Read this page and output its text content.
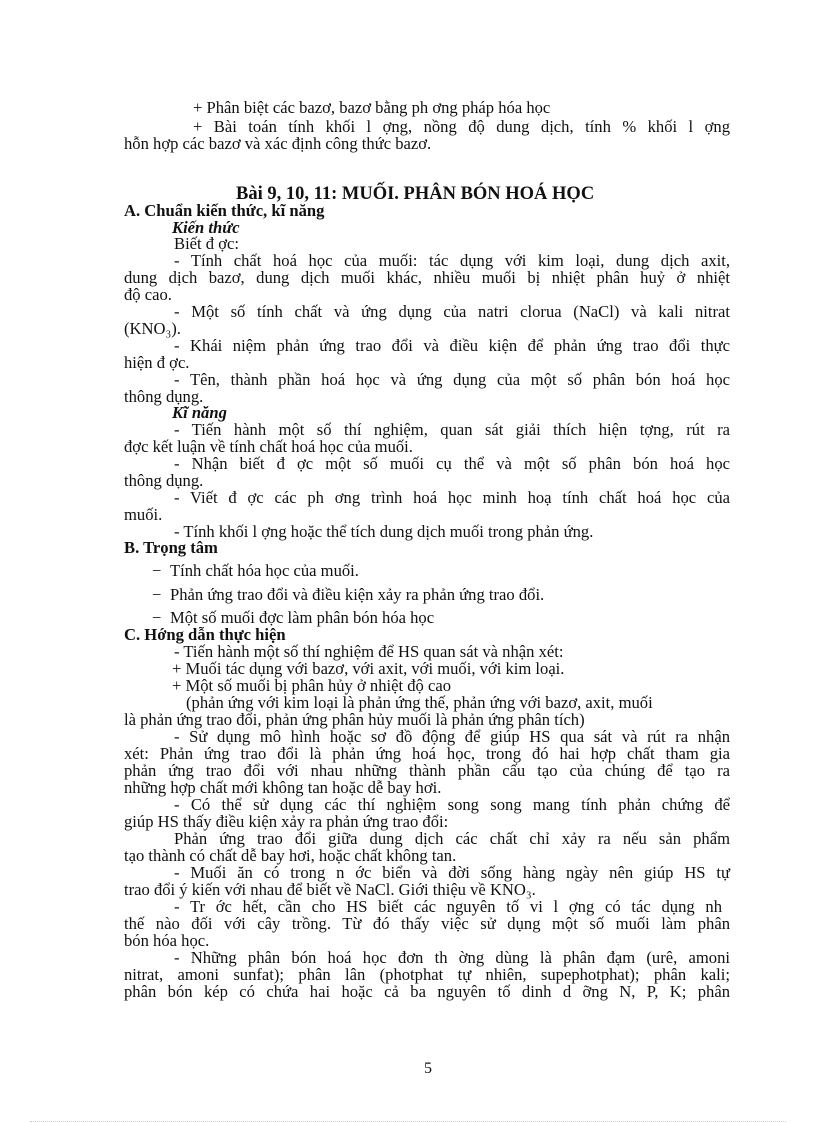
+ Phân biệt các bazơ, bazơ bằng ph ơng pháp hóa học

+ Bài toán tính khối l ợng, nồng độ dung dịch, tính % khối l ợng

hỗn hợp các bazơ và xác định công thức bazơ.

Bài 9, 10, 11: MUỐI. PHÂN BÓN HOÁ HỌC

A. Chuẩn kiến thức, kĩ năng

Kiến thức

Biết đ ợc:

- Tính chất hoá học của muối: tác dụng với kim loại, dung dịch axit,

dung dịch bazơ, dung dịch muối khác, nhiều muối bị nhiệt phân huỷ ở nhiệt

độ cao.

- Một số tính chất và ứng dụng của natri clorua (NaCl) và kali nitrat

(KNO₃).

- Khái niệm phản ứng trao đổi và điều kiện để phản ứng trao đổi thực

hiện đ ợc.

- Tên, thành phần hoá học và ứng dụng của một số phân bón hoá học

thông dụng.

Kĩ năng

- Tiến hành một số thí nghiệm, quan sát giải thích hiện tợng, rút ra

đợc kết luận về tính chất hoá học của muối.

- Nhận biết đ ợc một số muối cụ thể và một số phân bón hoá học

thông dụng.

- Viết đ ợc các ph ơng trình hoá học minh hoạ tính chất hoá học của

muối.

- Tính khối l ợng hoặc thể tích dung dịch muối trong phản ứng.

B. Trọng tâm

− Tính chất hóa học của muối.

− Phản ứng trao đổi và điều kiện xảy ra phản ứng trao đổi.

− Một số muối đợc làm phân bón hóa học

C. Hớng dẫn thực hiện

- Tiến hành một số thí nghiệm để HS quan sát và nhận xét:

+ Muối tác dụng với bazơ, với axit, với muối, với kim loại.

+ Một số muối bị phân hủy ở nhiệt độ cao

(phản ứng với kim loại là phản ứng thế, phản ứng với bazơ, axit, muối

là phản ứng trao đổi, phản ứng phân hủy muối là phản ứng phân tích)

- Sử dụng mô hình hoặc sơ đồ động để giúp HS qua sát và rút ra nhận

xét: Phản ứng trao đổi là phản ứng hoá học, trong đó hai hợp chất tham gia

phản ứng trao đổi với nhau những thành phần cấu tạo của chúng để tạo ra

những hợp chất mới không tan hoặc dễ bay hơi.

- Có thể sử dụng các thí nghiệm song song mang tính phản chứng để

giúp HS thấy điều kiện xảy ra phản ứng trao đổi:

Phản ứng trao đổi giữa dung dịch các chất chỉ xảy ra nếu sản phẩm

tạo thành có chất dễ bay hơi, hoặc chất không tan.

- Muối ăn có trong n ớc biển và đời sống hàng ngày nên giúp HS tự

trao đổi ý kiến với nhau để biết về NaCl. Giới thiệu về KNO₃.

- Tr ớc hết, cần cho HS biết các nguyên tố vi l ợng có tác dụng nh

thế nào đối với cây trồng. Từ đó thấy việc sử dụng một số muối làm phân

bón hóa học.

- Những phân bón hoá học đơn th ờng dùng là phân đạm (urê, amoni

nitrat, amoni sunfat); phân lân (photphat tự nhiên, supephotphat); phân kali;

phân bón kép có chứa hai hoặc cả ba nguyên tố dinh d ỡng N, P, K; phân

5
